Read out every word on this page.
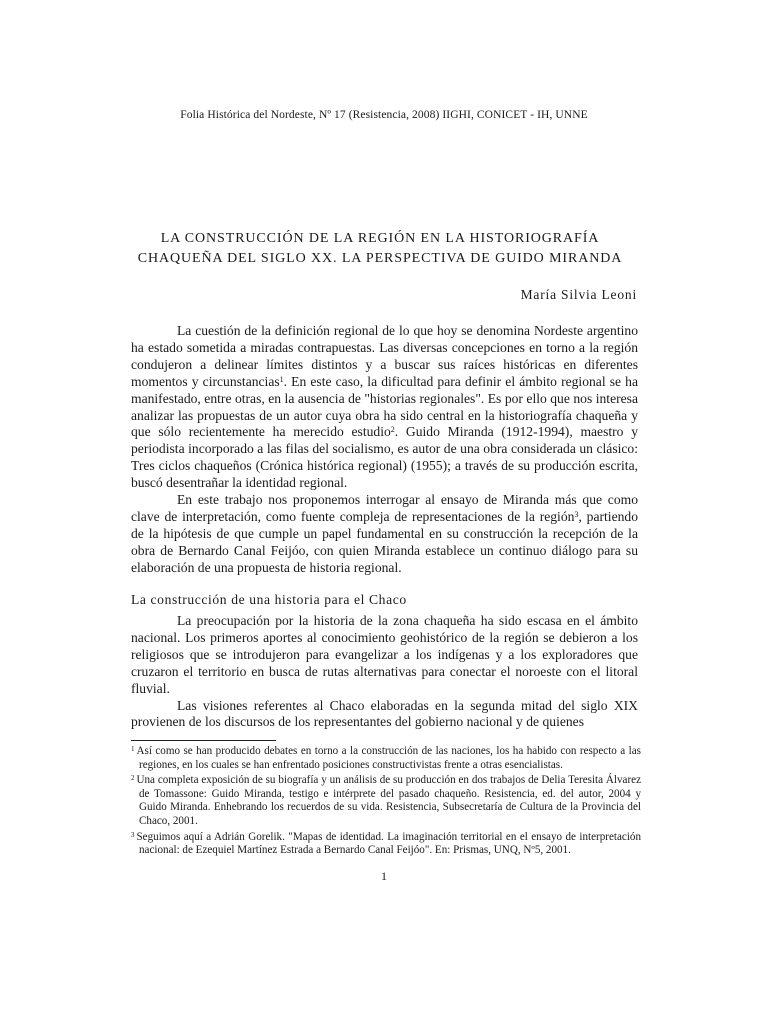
Folia Histórica del Nordeste, Nº 17 (Resistencia, 2008) IIGHI, CONICET - IH, UNNE
LA CONSTRUCCIÓN DE LA REGIÓN EN LA HISTORIOGRAFÍA
CHAQUEÑA DEL SIGLO XX. LA PERSPECTIVA DE GUIDO MIRANDA
María Silvia Leoni

La cuestión de la definición regional de lo que hoy se denomina Nordeste argentino ha estado sometida a miradas contrapuestas. Las diversas concepciones en torno a la región condujeron a delinear límites distintos y a buscar sus raíces históricas en diferentes momentos y circunstancias$^1$. En este caso, la dificultad para definir el ámbito regional se ha manifestado, entre otras, en la ausencia de "historias regionales". Es por ello que nos interesa analizar las propuestas de un autor cuya obra ha sido central en la historiografía chaqueña y que sólo recientemente ha merecido estudio$^2$. Guido Miranda (1912-1994), maestro y periodista incorporado a las filas del socialismo, es autor de una obra considerada un clásico: Tres ciclos chaqueños (Crónica histórica regional) (1955); a través de su producción escrita, buscó desentrañar la identidad regional.

En este trabajo nos proponemos interrogar al ensayo de Miranda más que como clave de interpretación, como fuente compleja de representaciones de la región$^3$, partiendo de la hipótesis de que cumple un papel fundamental en su construcción la recepción de la obra de Bernardo Canal Feijóo, con quien Miranda establece un continuo diálogo para su elaboración de una propuesta de historia regional.

La construcción de una historia para el Chaco

La preocupación por la historia de la zona chaqueña ha sido escasa en el ámbito nacional. Los primeros aportes al conocimiento geohistórico de la región se debieron a los religiosos que se introdujeron para evangelizar a los indígenas y a los exploradores que cruzaron el territorio en busca de rutas alternativas para conectar el noroeste con el litoral fluvial.

Las visiones referentes al Chaco elaboradas en la segunda mitad del siglo XIX provienen de los discursos de los representantes del gobierno nacional y de quienes

$^1$ Así como se han producido debates en torno a la construcción de las naciones, los ha habido con respecto a las regiones, en los cuales se han enfrentado posiciones constructivistas frente a otras esencialistas.

$^2$ Una completa exposición de su biografía y un análisis de su producción en dos trabajos de Delia Teresita Álvarez de Tomassone: Guido Miranda, testigo e intérprete del pasado chaqueño. Resistencia, ed. del autor, 2004 y Guido Miranda. Enhebrando los recuerdos de su vida. Resistencia, Subsecretaría de Cultura de la Provincia del Chaco, 2001.

$^3$ Seguimos aquí a Adrián Gorelik. "Mapas de identidad. La imaginación territorial en el ensayo de interpretación nacional: de Ezequiel Martínez Estrada a Bernardo Canal Feijóo". En: Prismas, UNQ, Nº5, 2001.

1
